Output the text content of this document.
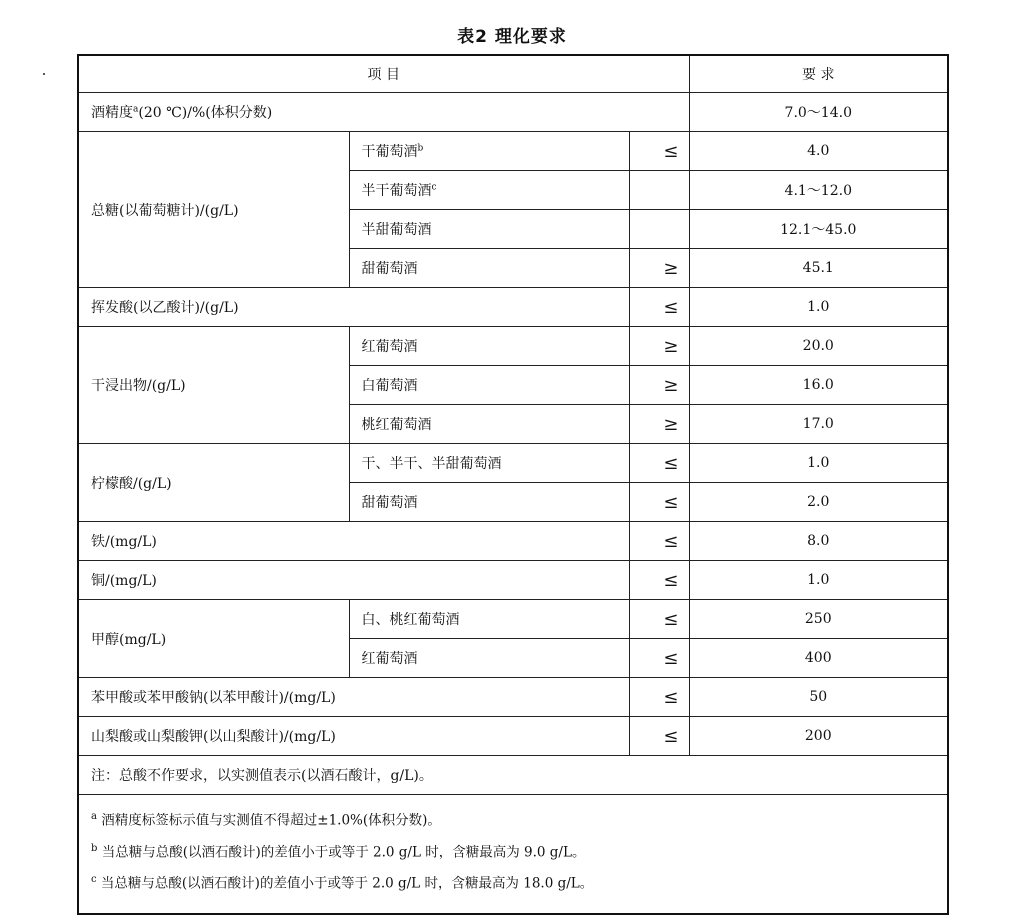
表2 理化要求
项 目			要 求
酒精度$^a$(20 ℃)/%(体积分数)			7.0～14.0
总糖(以葡萄糖计)/(g/L)	干葡萄酒$^b$	≤	4.0
	半干葡萄酒$^c$		4.1～12.0
	半甜葡萄酒		12.1～45.0
	甜葡萄酒	≥	45.1
挥发酸(以乙酸计)/(g/L)		≤	1.0
干浸出物/(g/L)	红葡萄酒	≥	20.0
	白葡萄酒	≥	16.0
	桃红葡萄酒	≥	17.0
柠檬酸/(g/L)	干、半干、半甜葡萄酒	≤	1.0
	甜葡萄酒	≤	2.0
铁/(mg/L)		≤	8.0
铜/(mg/L)		≤	1.0
甲醇(mg/L)	白、桃红葡萄酒	≤	250
	红葡萄酒	≤	400
苯甲酸或苯甲酸钠(以苯甲酸计)/(mg/L)		≤	50
山梨酸或山梨酸钾(以山梨酸计)/(mg/L)		≤	200
注：总酸不作要求，以实测值表示(以酒石酸计，g/L)。			

$^a$ 酒精度标签标示值与实测值不得超过±1.0%(体积分数)。
$^b$ 当总糖与总酸(以酒石酸计)的差值小于或等于 2.0 g/L 时，含糖最高为 9.0 g/L。
$^c$ 当总糖与总酸(以酒石酸计)的差值小于或等于 2.0 g/L 时，含糖最高为 18.0 g/L。			
